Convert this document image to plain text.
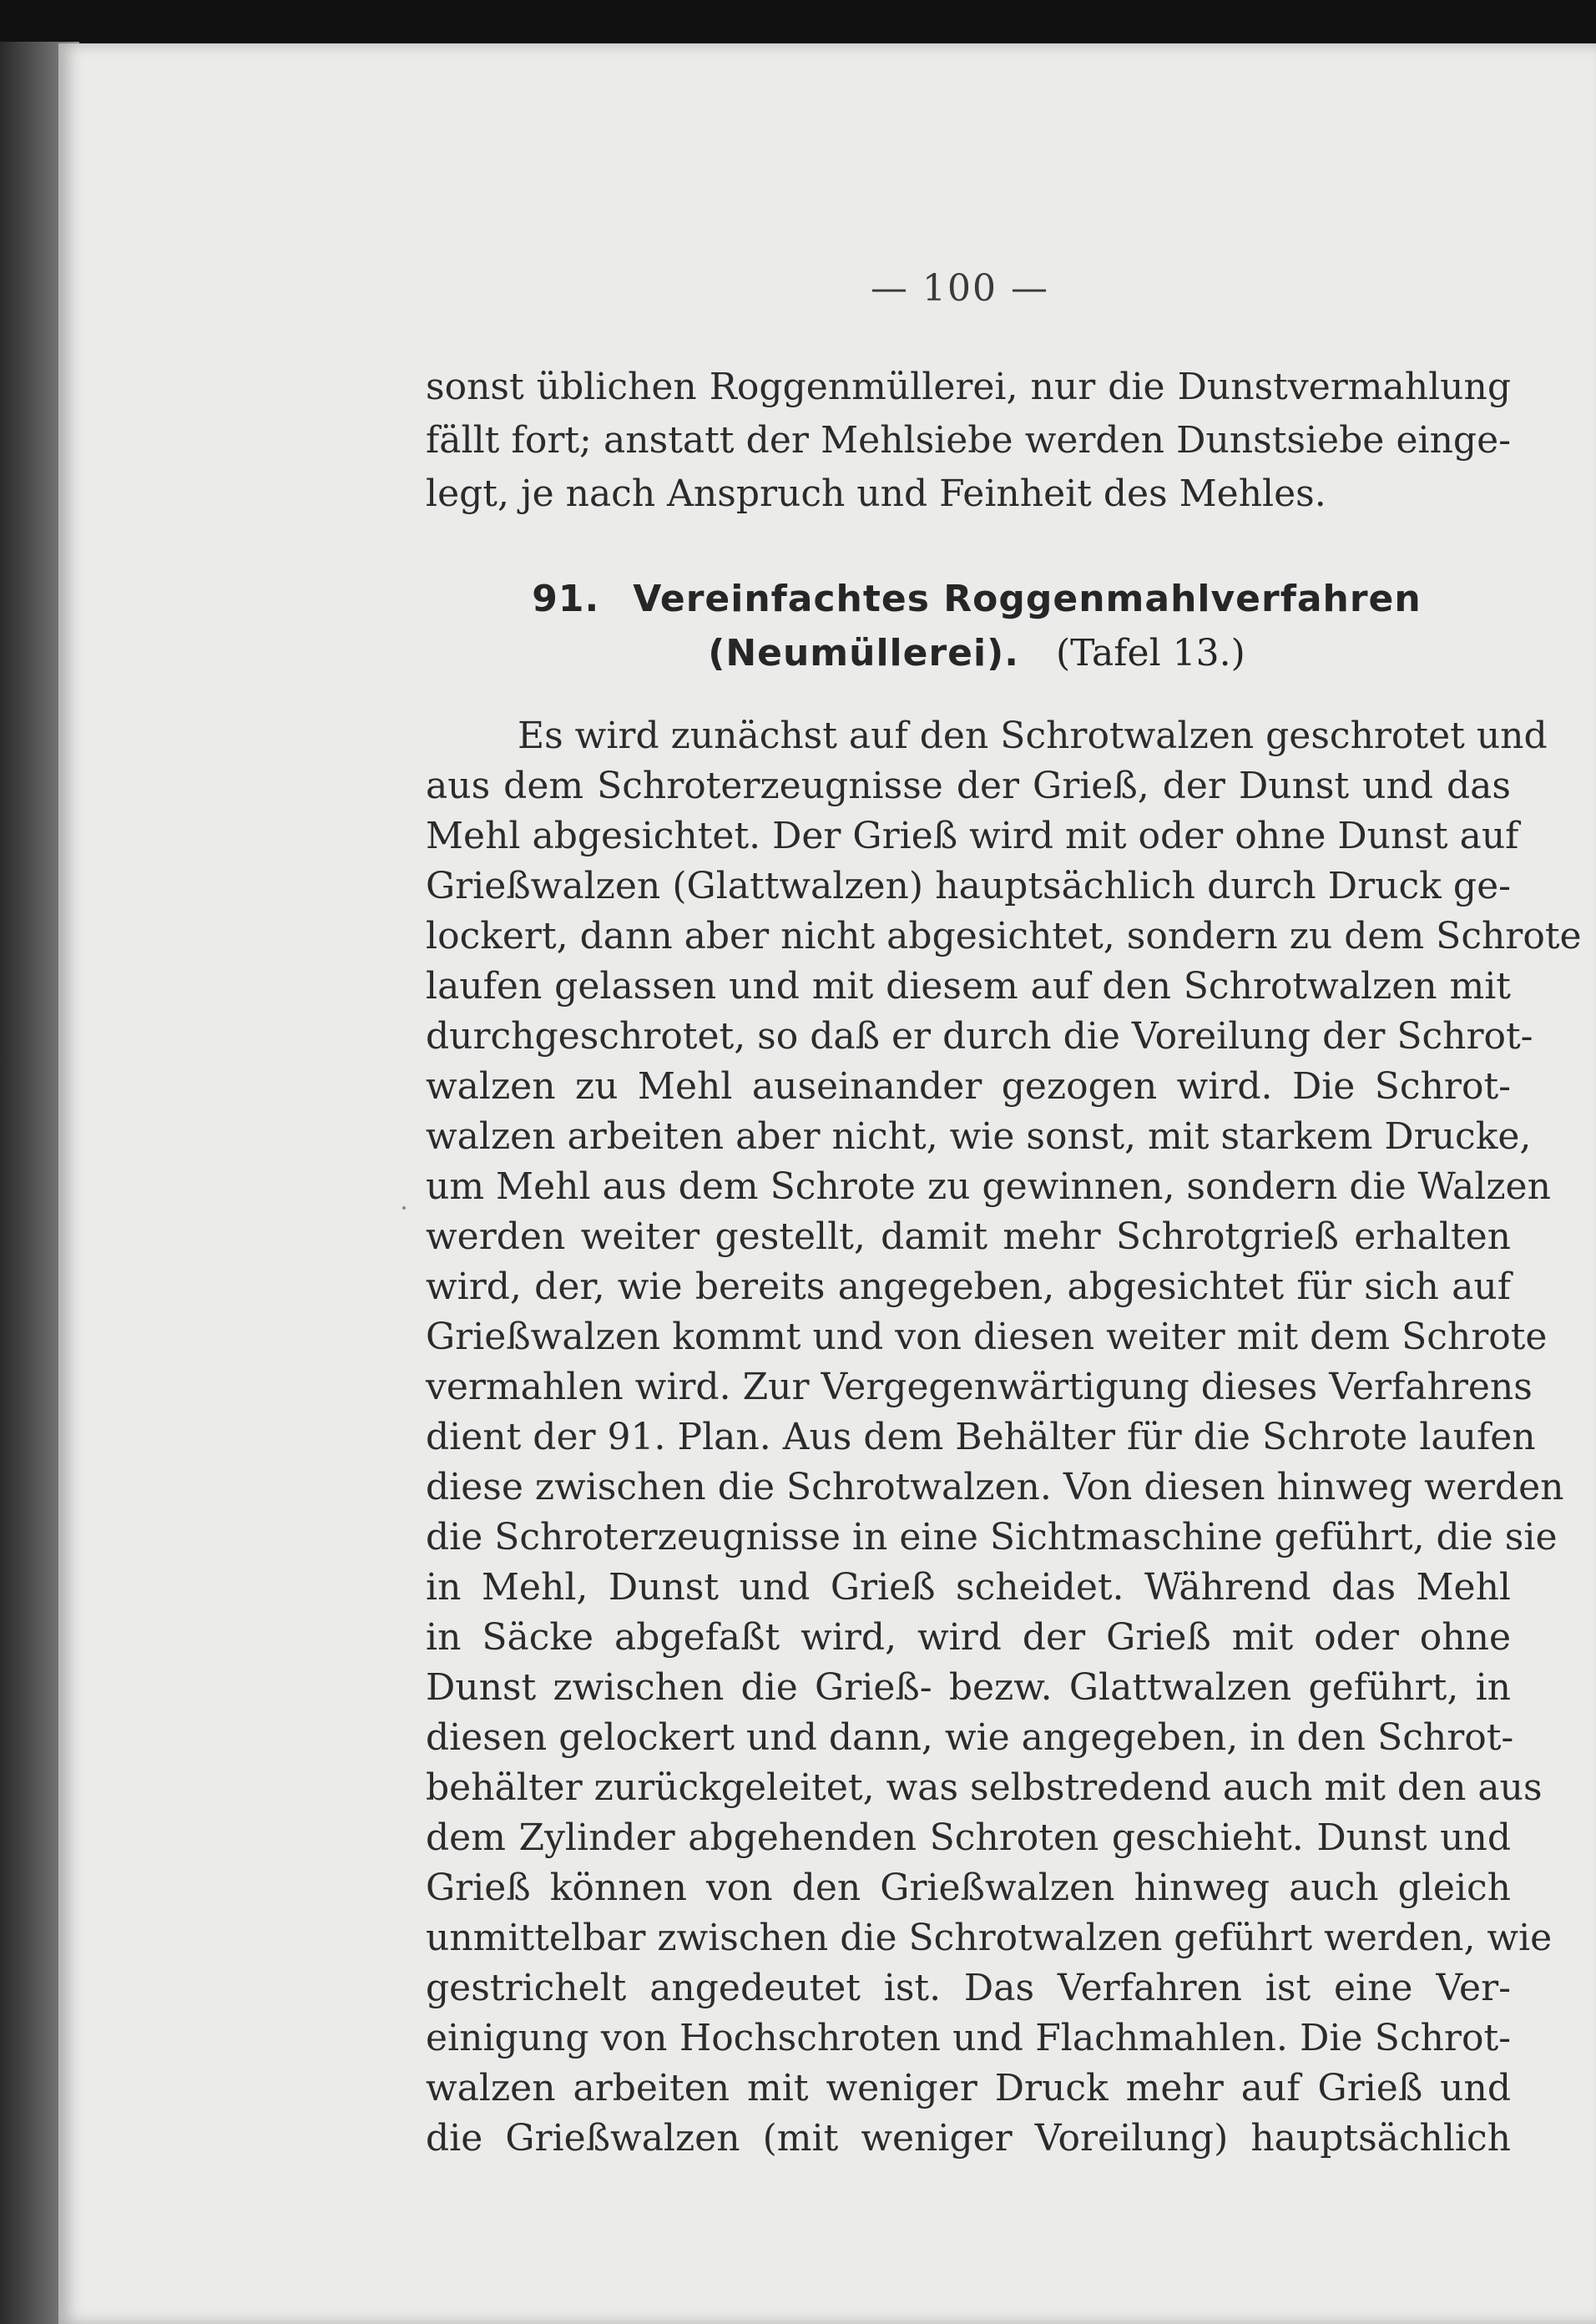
— 100 —
sonst üblichen Roggenmüllerei, nur die Dunstvermahlung
fällt fort; anstatt der Mehlsiebe werden Dunstsiebe einge-
legt, je nach Anspruch und Feinheit des Mehles.
91. Vereinfachtes Roggenmahlverfahren
(Neumüllerei). (Tafel 13.)
Es wird zunächst auf den Schrotwalzen geschrotet und
aus dem Schroterzeugnisse der Grieß, der Dunst und das
Mehl abgesichtet. Der Grieß wird mit oder ohne Dunst auf
Grießwalzen (Glattwalzen) hauptsächlich durch Druck ge-
lockert, dann aber nicht abgesichtet, sondern zu dem Schrote
laufen gelassen und mit diesem auf den Schrotwalzen mit
durchgeschrotet, so daß er durch die Voreilung der Schrot-
walzen zu Mehl auseinander gezogen wird. Die Schrot-
walzen arbeiten aber nicht, wie sonst, mit starkem Drucke,
um Mehl aus dem Schrote zu gewinnen, sondern die Walzen
werden weiter gestellt, damit mehr Schrotgrieß erhalten
wird, der, wie bereits angegeben, abgesichtet für sich auf
Grießwalzen kommt und von diesen weiter mit dem Schrote
vermahlen wird. Zur Vergegenwärtigung dieses Verfahrens
dient der 91. Plan. Aus dem Behälter für die Schrote laufen
diese zwischen die Schrotwalzen. Von diesen hinweg werden
die Schroterzeugnisse in eine Sichtmaschine geführt, die sie
in Mehl, Dunst und Grieß scheidet. Während das Mehl
in Säcke abgefaßt wird, wird der Grieß mit oder ohne
Dunst zwischen die Grieß- bezw. Glattwalzen geführt, in
diesen gelockert und dann, wie angegeben, in den Schrot-
behälter zurückgeleitet, was selbstredend auch mit den aus
dem Zylinder abgehenden Schroten geschieht. Dunst und
Grieß können von den Grießwalzen hinweg auch gleich
unmittelbar zwischen die Schrotwalzen geführt werden, wie
gestrichelt angedeutet ist. Das Verfahren ist eine Ver-
einigung von Hochschroten und Flachmahlen. Die Schrot-
walzen arbeiten mit weniger Druck mehr auf Grieß und
die Grießwalzen (mit weniger Voreilung) hauptsächlich
